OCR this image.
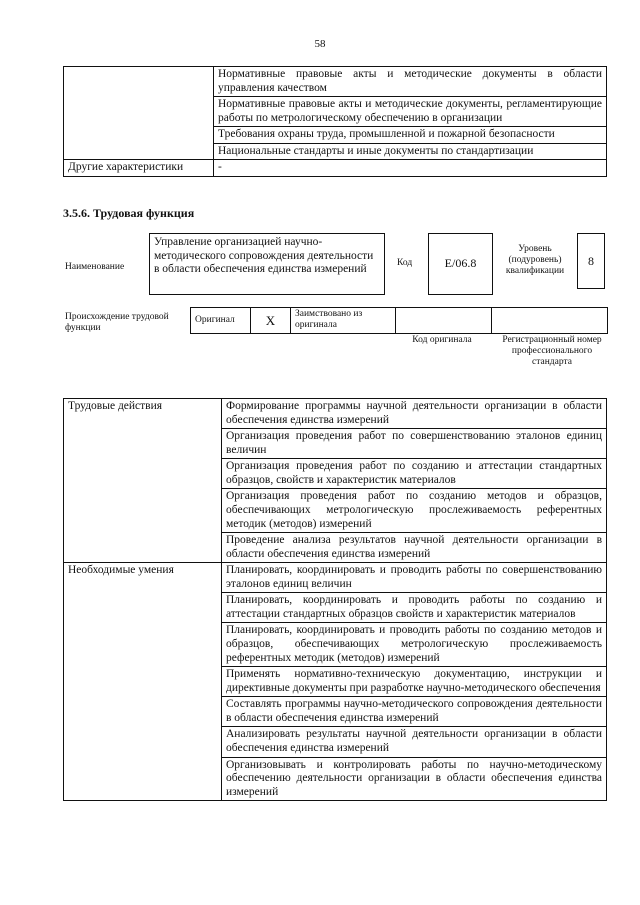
58
	Нормативные правовые акты и методические документы в области управления качеством
	Нормативные правовые акты и методические документы, регламентирующие работы по метрологическому обеспечению в организации
	Требования охраны труда, промышленной и пожарной безопасности
	Национальные стандарты и иные документы по стандартизации
Другие характеристики	-
3.5.6. Трудовая функция
Наименование
Управление организацией научно-методического сопровождения деятельности в области обеспечения единства измерений
Код	E/06.8
Уровень (подуровень) квалификации
8
Происхождение трудовой функции
Оригинал	X	Заимствовано из оригинала		
Код оригинала	Регистрационный номер профессионального стандарта
Трудовые действия	Формирование программы научной деятельности организации в области обеспечения единства измерений
	Организация проведения работ по совершенствованию эталонов единиц величин
	Организация проведения работ по созданию и аттестации стандартных образцов, свойств и характеристик материалов
	Организация проведения работ по созданию методов и образцов, обеспечивающих метрологическую прослеживаемость референтных методик (методов) измерений
	Проведение анализа результатов научной деятельности организации в области обеспечения единства измерений
Необходимые умения	Планировать, координировать и проводить работы по совершенствованию эталонов единиц величин
	Планировать, координировать и проводить работы по созданию и аттестации стандартных образцов свойств и характеристик материалов
	Планировать, координировать и проводить работы по созданию методов и образцов, обеспечивающих метрологическую прослеживаемость референтных методик (методов) измерений
	Применять нормативно-техническую документацию, инструкции и директивные документы при разработке научно-методического обеспечения
	Составлять программы научно-методического сопровождения деятельности в области обеспечения единства измерений
	Анализировать результаты научной деятельности организации в области обеспечения единства измерений
	Организовывать и контролировать работы по научно-методическому обеспечению деятельности организации в области обеспечения единства измерений
